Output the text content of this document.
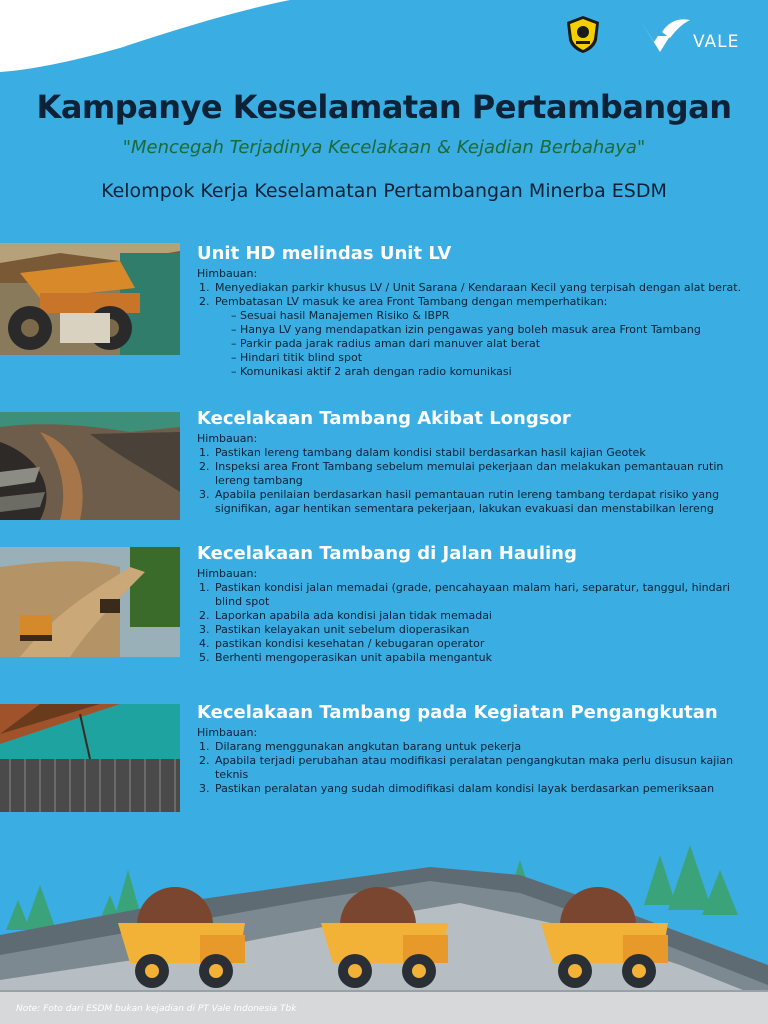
VALE
Kampanye Keselamatan Pertambangan
"Mencegah Terjadinya Kecelakaan & Kejadian Berbahaya"
Kelompok Kerja Keselamatan Pertambangan Minerba ESDM
Unit HD melindas Unit LV
Himbauan:
1. Menyediakan parkir khusus LV / Unit Sarana / Kendaraan Kecil yang terpisah dengan alat berat.
2. Pembatasan LV masuk ke area Front Tambang dengan memperhatikan:
– Sesuai hasil Manajemen Risiko & IBPR
– Hanya LV yang mendapatkan izin pengawas yang boleh masuk area Front Tambang
– Parkir pada jarak radius aman dari manuver alat berat
– Hindari titik blind spot
– Komunikasi aktif 2 arah dengan radio komunikasi
Kecelakaan Tambang Akibat Longsor
Himbauan:
1. Pastikan lereng tambang dalam kondisi stabil berdasarkan hasil kajian Geotek
2. Inspeksi area Front Tambang sebelum memulai pekerjaan dan melakukan pemantauan rutin lereng tambang
3. Apabila penilaian berdasarkan hasil pemantauan rutin lereng tambang terdapat risiko yang signifikan, agar hentikan sementara pekerjaan, lakukan evakuasi dan menstabilkan lereng
Kecelakaan Tambang di Jalan Hauling
Himbauan:
1. Pastikan kondisi jalan memadai (grade, pencahayaan malam hari, separatur, tanggul, hindari blind spot
2. Laporkan apabila ada kondisi jalan tidak memadai
3. Pastikan kelayakan unit sebelum dioperasikan
4. pastikan kondisi kesehatan / kebugaran operator
5. Berhenti mengoperasikan unit apabila mengantuk
Kecelakaan Tambang pada Kegiatan Pengangkutan
Himbauan:
1. Dilarang menggunakan angkutan barang untuk pekerja
2. Apabila terjadi perubahan atau modifikasi peralatan pengangkutan maka perlu disusun kajian teknis
3. Pastikan peralatan yang sudah dimodifikasi dalam kondisi layak berdasarkan pemeriksaan
Note: Foto dari ESDM bukan kejadian di PT Vale Indonesia Tbk
